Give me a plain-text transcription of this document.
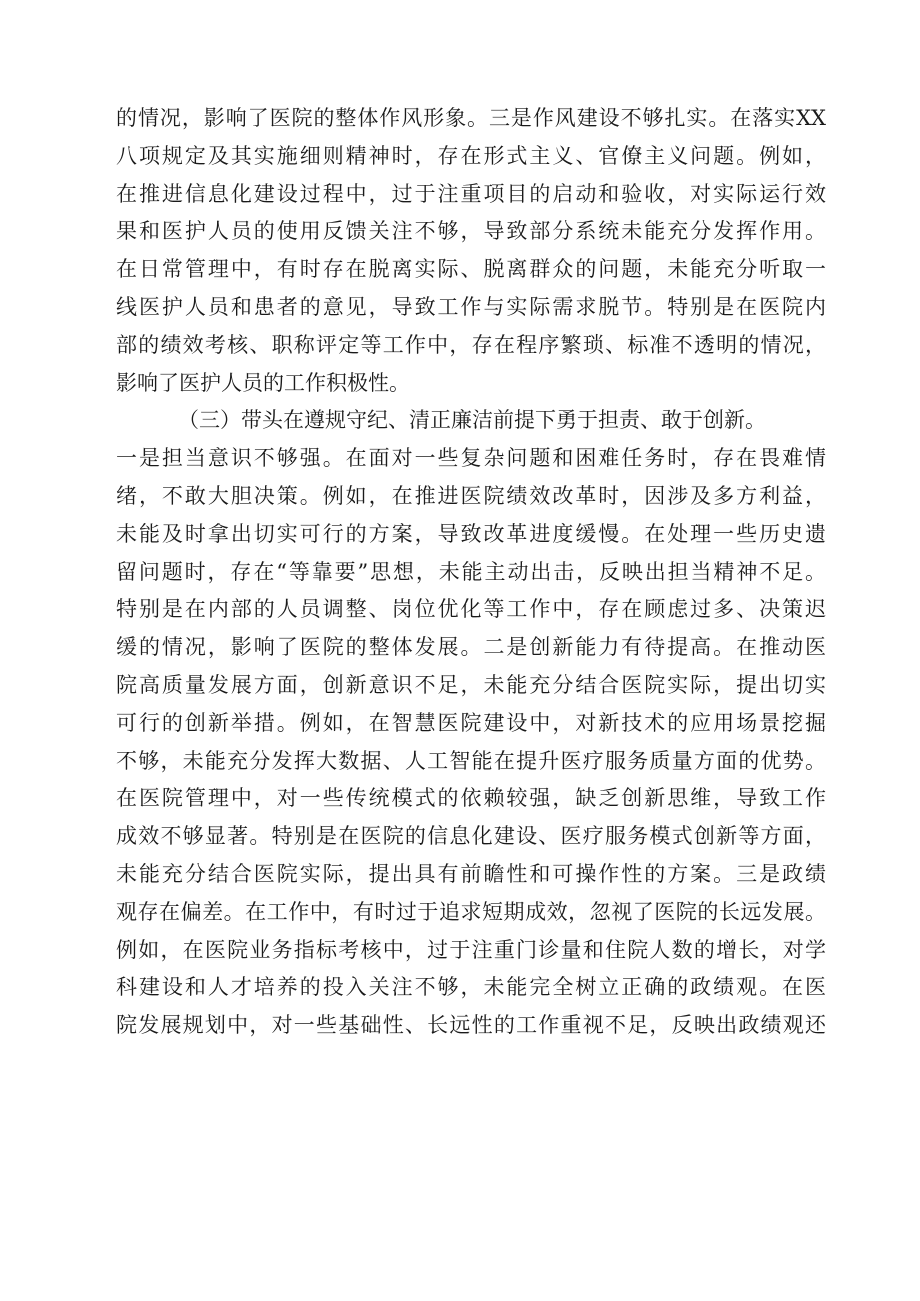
的情况，影响了医院的整体作风形象。三是作风建设不够扎实。在落实XX
八项规定及其实施细则精神时，存在形式主义、官僚主义问题。例如，
在推进信息化建设过程中，过于注重项目的启动和验收，对实际运行效
果和医护人员的使用反馈关注不够，导致部分系统未能充分发挥作用。
在日常管理中，有时存在脱离实际、脱离群众的问题，未能充分听取一
线医护人员和患者的意见，导致工作与实际需求脱节。特别是在医院内
部的绩效考核、职称评定等工作中，存在程序繁琐、标准不透明的情况，
影响了医护人员的工作积极性。
（三）带头在遵规守纪、清正廉洁前提下勇于担责、敢于创新。
一是担当意识不够强。在面对一些复杂问题和困难任务时，存在畏难情
绪，不敢大胆决策。例如，在推进医院绩效改革时，因涉及多方利益，
未能及时拿出切实可行的方案，导致改革进度缓慢。在处理一些历史遗
留问题时，存在“等靠要”思想，未能主动出击，反映出担当精神不足。
特别是在内部的人员调整、岗位优化等工作中，存在顾虑过多、决策迟
缓的情况，影响了医院的整体发展。二是创新能力有待提高。在推动医
院高质量发展方面，创新意识不足，未能充分结合医院实际，提出切实
可行的创新举措。例如，在智慧医院建设中，对新技术的应用场景挖掘
不够，未能充分发挥大数据、人工智能在提升医疗服务质量方面的优势。
在医院管理中，对一些传统模式的依赖较强，缺乏创新思维，导致工作
成效不够显著。特别是在医院的信息化建设、医疗服务模式创新等方面，
未能充分结合医院实际，提出具有前瞻性和可操作性的方案。三是政绩
观存在偏差。在工作中，有时过于追求短期成效，忽视了医院的长远发展。
例如，在医院业务指标考核中，过于注重门诊量和住院人数的增长，对学
科建设和人才培养的投入关注不够，未能完全树立正确的政绩观。在医
院发展规划中，对一些基础性、长远性的工作重视不足，反映出政绩观还
